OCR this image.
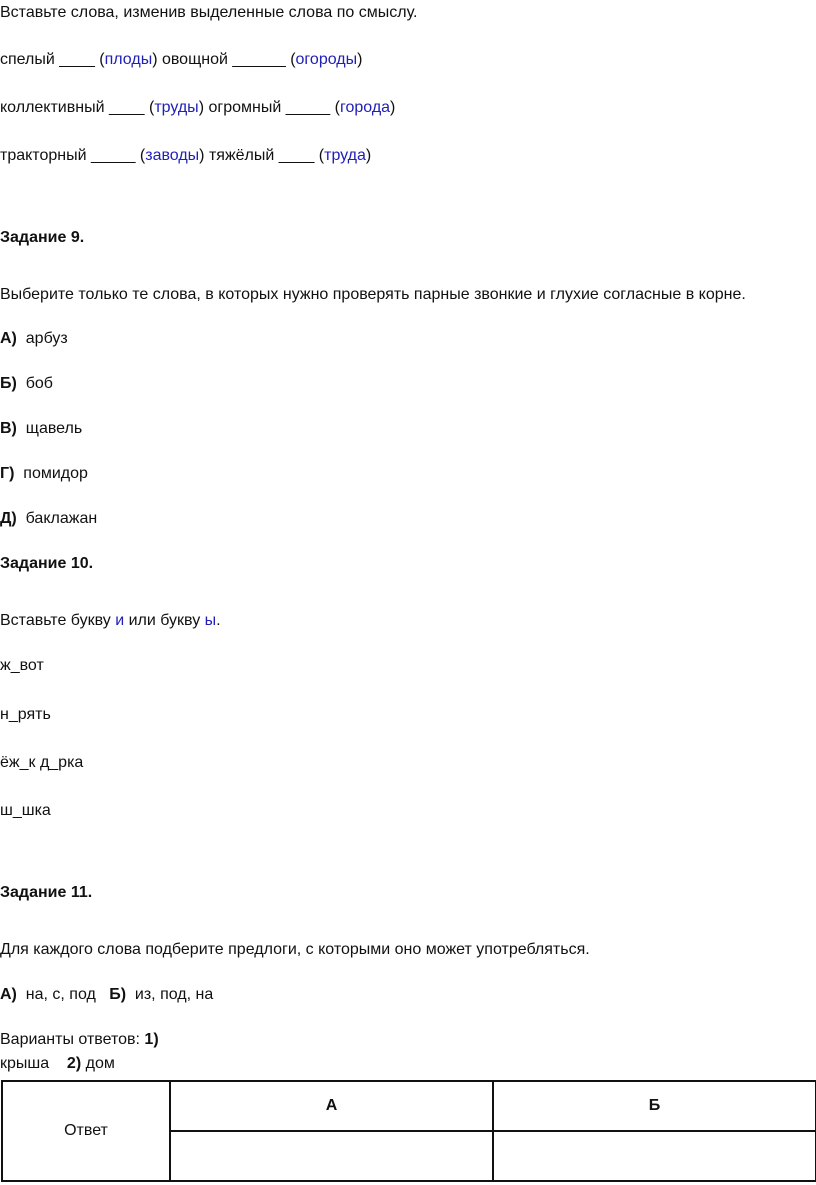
Вставьте слова, изменив выделенные слова по смыслу.
спелый ____ (плоды) овощной ______ (огороды)
коллективный ____ (труды) огромный _____ (города)
тракторный _____ (заводы) тяжёлый ____ (труда)
Задание 9.
Выберите только те слова, в которых нужно проверять парные звонкие и глухие согласные в корне.
А) арбуз
Б) боб
В) щавель
Г) помидор
Д) баклажан
Задание 10.
Вставьте букву и или букву ы.
ж_вот
н_рять
ёж_к д_рка
ш_шка
Задание 11.
Для каждого слова подберите предлоги, с которыми оно может употребляться.
А) на, с, под Б) из, под, на
Варианты ответов: 1)
крыша 2) дом
Ответ	А	Б
